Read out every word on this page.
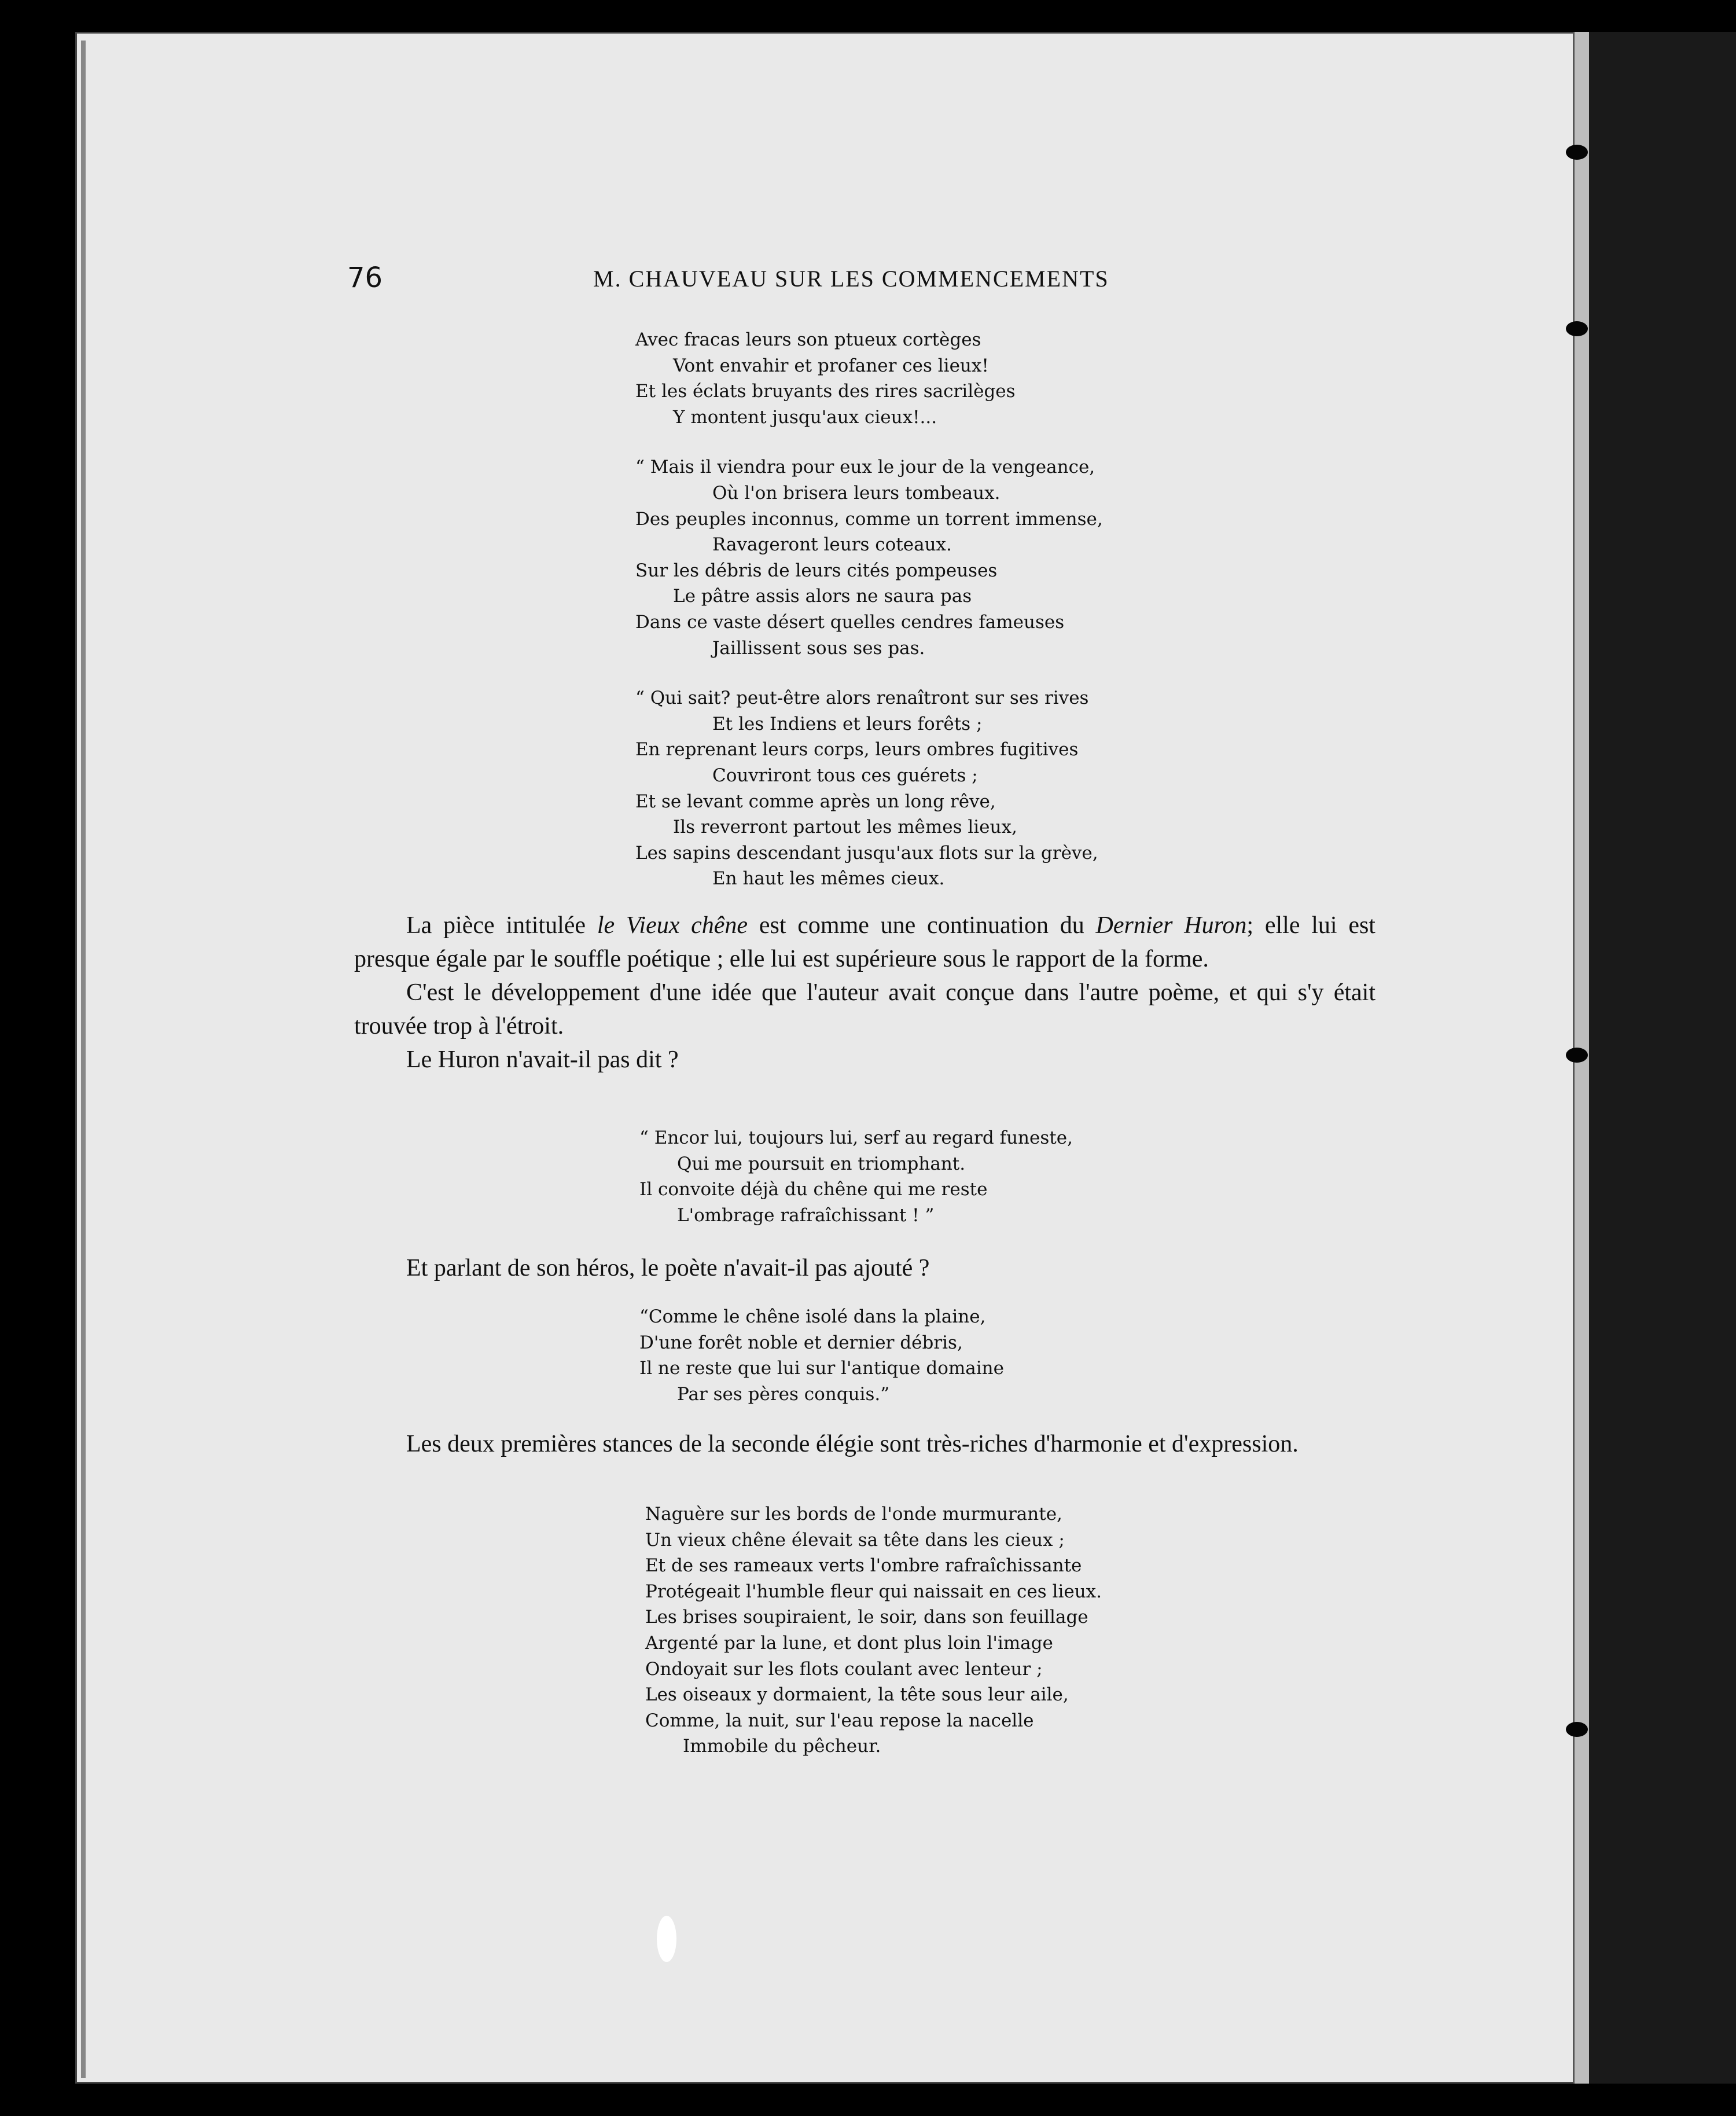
76	M. CHAUVEAU SUR LES COMMENCEMENTS
Avec fracas leurs son ptueux cortèges
Vont envahir et profaner ces lieux!
Et les éclats bruyants des rires sacrilèges
Y montent jusqu'aux cieux!...
“ Mais il viendra pour eux le jour de la vengeance,
Où l'on brisera leurs tombeaux.
Des peuples inconnus, comme un torrent immense,
Ravageront leurs coteaux.
Sur les débris de leurs cités pompeuses
Le pâtre assis alors ne saura pas
Dans ce vaste désert quelles cendres fameuses
Jaillissent sous ses pas.
“ Qui sait? peut-être alors renaîtront sur ses rives
Et les Indiens et leurs forêts ;
En reprenant leurs corps, leurs ombres fugitives
Couvriront tous ces guérets ;
Et se levant comme après un long rêve,
Ils reverront partout les mêmes lieux,
Les sapins descendant jusqu'aux flots sur la grève,
En haut les mêmes cieux.

La pièce intitulée le Vieux chêne est comme une continuation du Dernier Huron; elle lui est presque égale par le souffle poétique ; elle lui est supérieure sous le rapport de la forme.

C'est le développement d'une idée que l'auteur avait conçue dans l'autre poème, et qui s'y était trouvée trop à l'étroit.

Le Huron n'avait-il pas dit ?

“ Encor lui, toujours lui, serf au regard funeste,
Qui me poursuit en triomphant.
Il convoite déjà du chêne qui me reste
L'ombrage rafraîchissant ! ”

Et parlant de son héros, le poète n'avait-il pas ajouté ?

“Comme le chêne isolé dans la plaine,
D'une forêt noble et dernier débris,
Il ne reste que lui sur l'antique domaine
Par ses pères conquis.”

Les deux premières stances de la seconde élégie sont très-riches d'harmonie et d'expression.

Naguère sur les bords de l'onde murmurante,
Un vieux chêne élevait sa tête dans les cieux ;
Et de ses rameaux verts l'ombre rafraîchissante
Protégeait l'humble fleur qui naissait en ces lieux.
Les brises soupiraient, le soir, dans son feuillage
Argenté par la lune, et dont plus loin l'image
Ondoyait sur les flots coulant avec lenteur ;
Les oiseaux y dormaient, la tête sous leur aile,
Comme, la nuit, sur l'eau repose la nacelle
Immobile du pêcheur.
